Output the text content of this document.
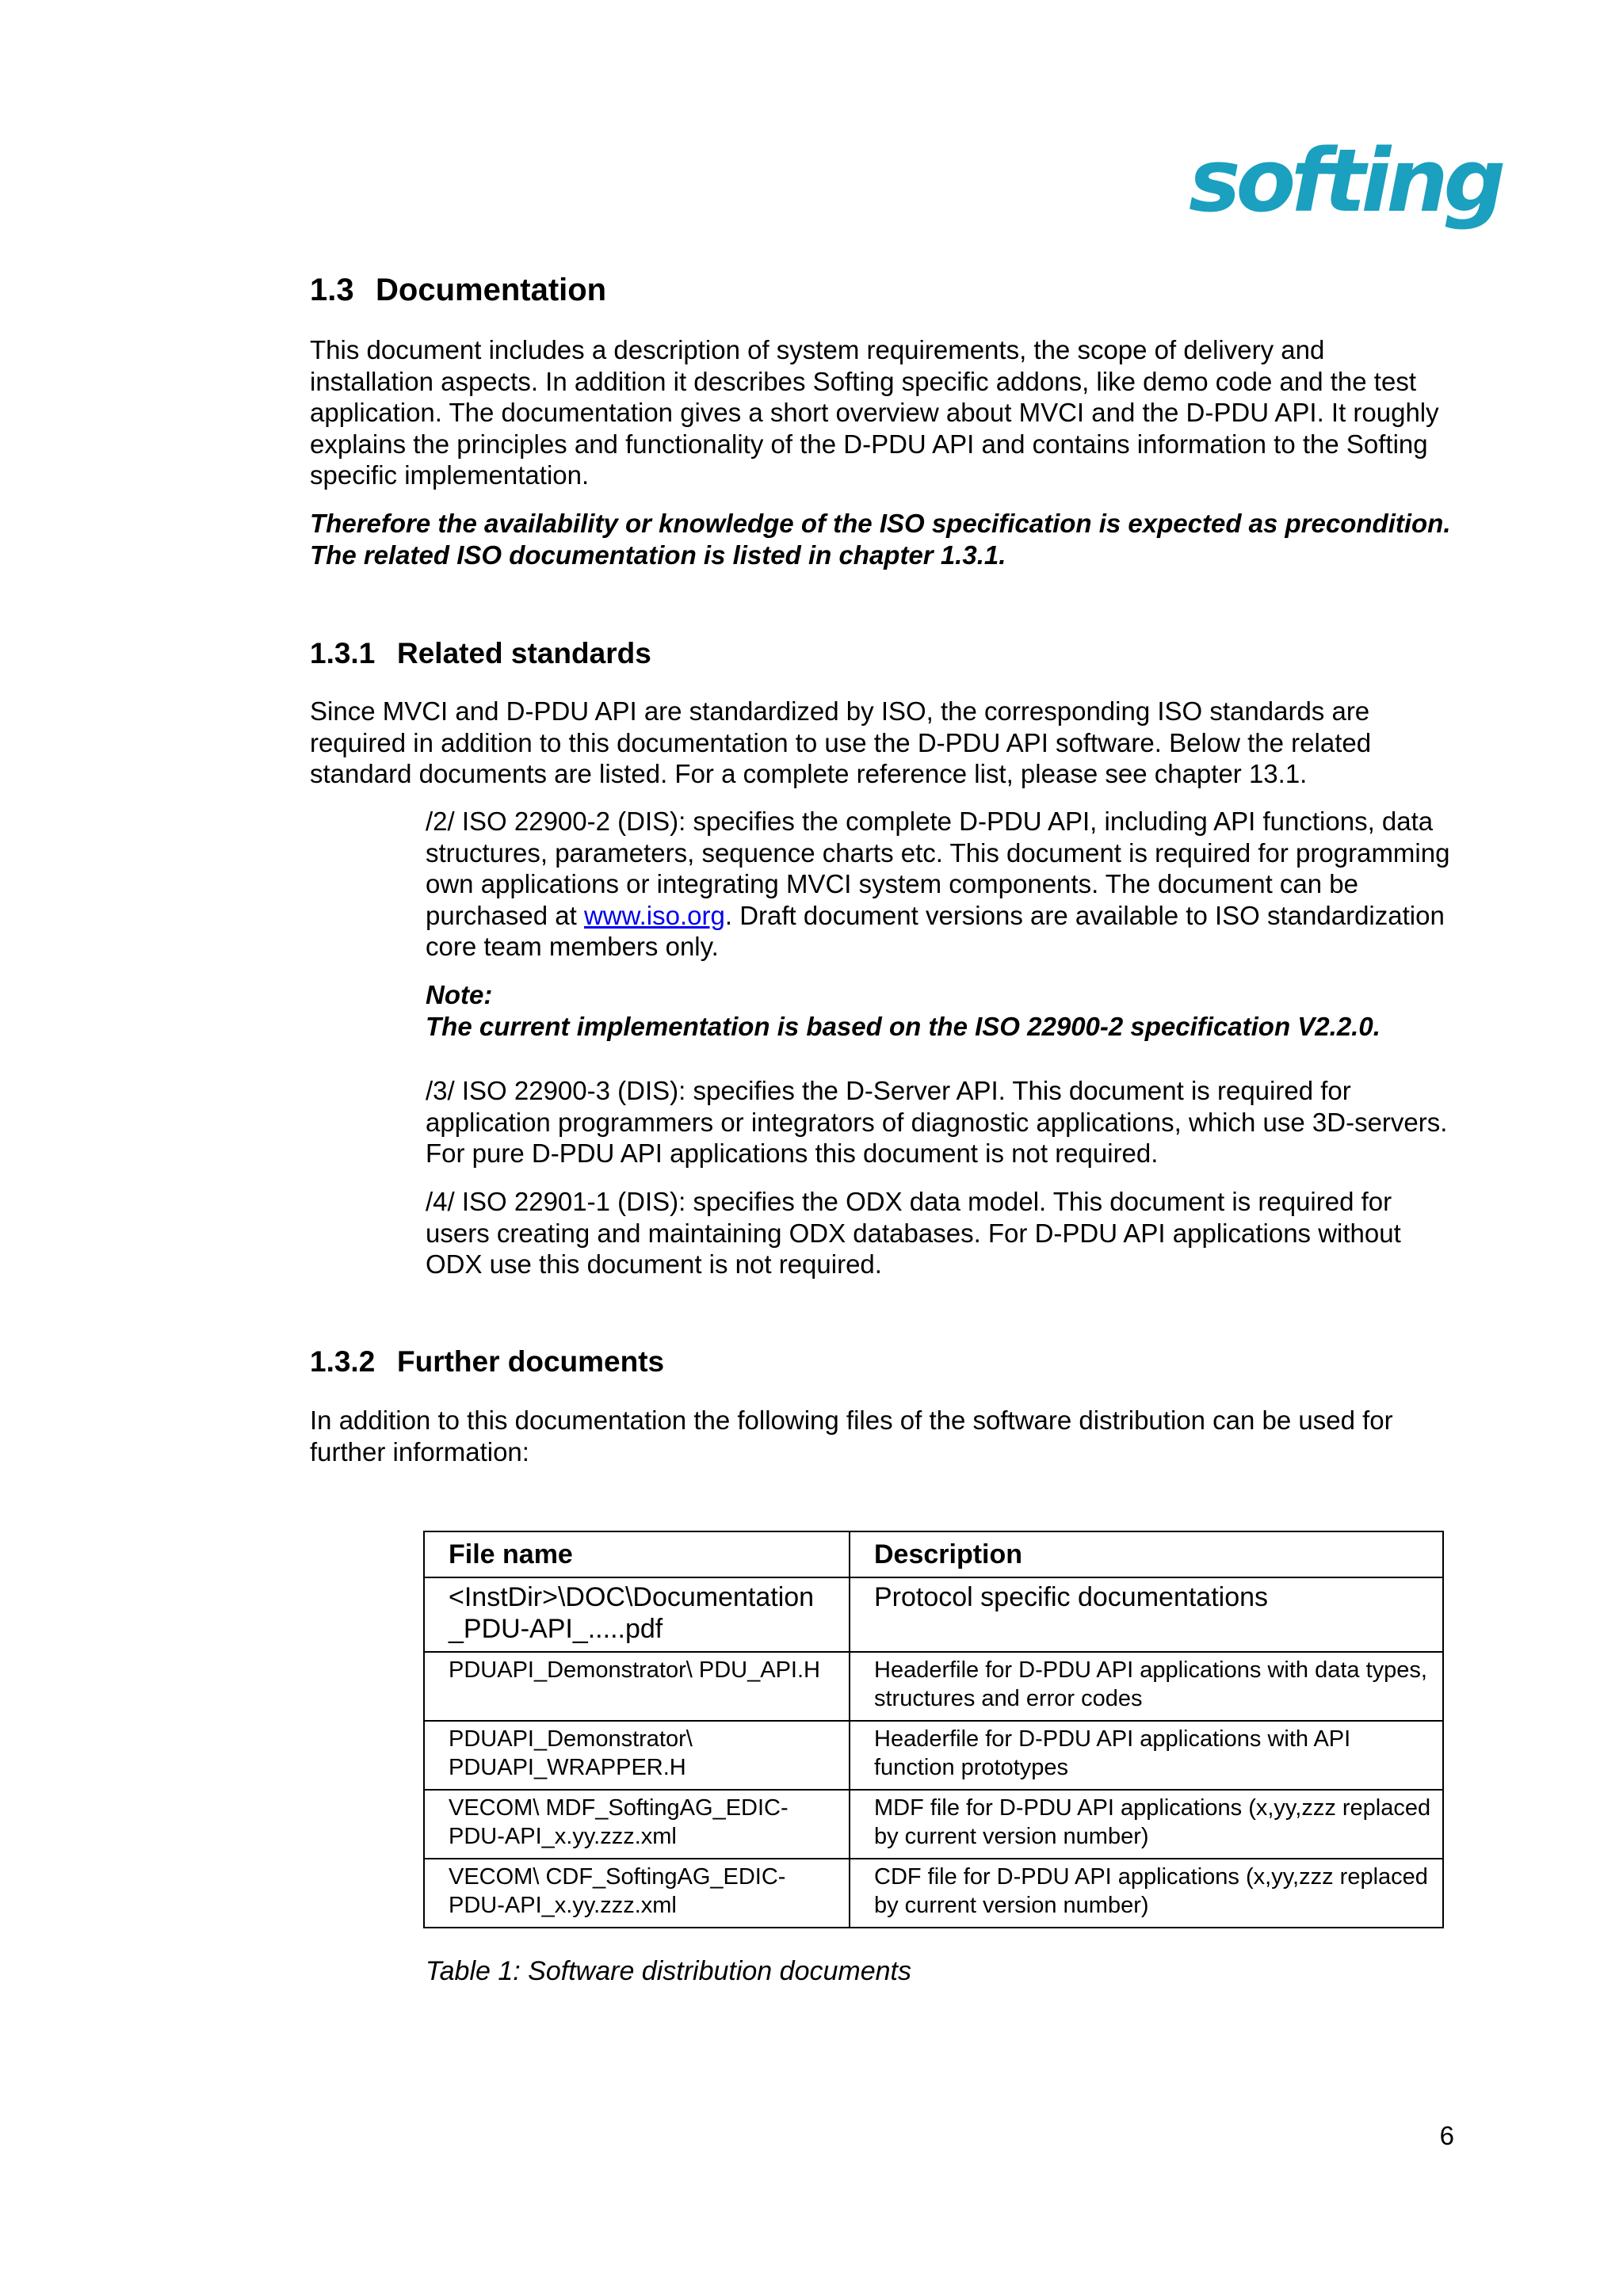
softing
1.3 Documentation

This document includes a description of system requirements, the scope of delivery and installation aspects. In addition it describes Softing specific addons, like demo code and the test application. The documentation gives a short overview about MVCI and the D-PDU API. It roughly explains the principles and functionality of the D-PDU API and contains information to the Softing specific implementation.

Therefore the availability or knowledge of the ISO specification is expected as precondition. The related ISO documentation is listed in chapter 1.3.1.

1.3.1 Related standards

Since MVCI and D-PDU API are standardized by ISO, the corresponding ISO standards are required in addition to this documentation to use the D-PDU API software. Below the related standard documents are listed. For a complete reference list, please see chapter 13.1.

/2/ ISO 22900-2 (DIS): specifies the complete D-PDU API, including API functions, data structures, parameters, sequence charts etc. This document is required for programming own applications or integrating MVCI system components. The document can be purchased at www.iso.org. Draft document versions are available to ISO standardization core team members only.

Note:

The current implementation is based on the ISO 22900-2 specification V2.2.0.

/3/ ISO 22900-3 (DIS): specifies the D-Server API. This document is required for application programmers or integrators of diagnostic applications, which use 3D-servers. For pure D-PDU API applications this document is not required.

/4/ ISO 22901-1 (DIS): specifies the ODX data model. This document is required for users creating and maintaining ODX databases. For D-PDU API applications without ODX use this document is not required.

1.3.2 Further documents

In addition to this documentation the following files of the software distribution can be used for further information:

File name	Description
<InstDir>\DOC\Documentation _PDU-API_.....pdf	Protocol specific documentations
PDUAPI_Demonstrator\ PDU_API.H	Headerfile for D-PDU API applications with data types, structures and error codes
PDUAPI_Demonstrator\ PDUAPI_WRAPPER.H	Headerfile for D-PDU API applications with API function prototypes
VECOM\ MDF_SoftingAG_EDIC-PDU-API_x.yy.zzz.xml	MDF file for D-PDU API applications (x,yy,zzz replaced by current version number)
VECOM\ CDF_SoftingAG_EDIC-PDU-API_x.yy.zzz.xml	CDF file for D-PDU API applications (x,yy,zzz replaced by current version number)
Table 1: Software distribution documents
6
